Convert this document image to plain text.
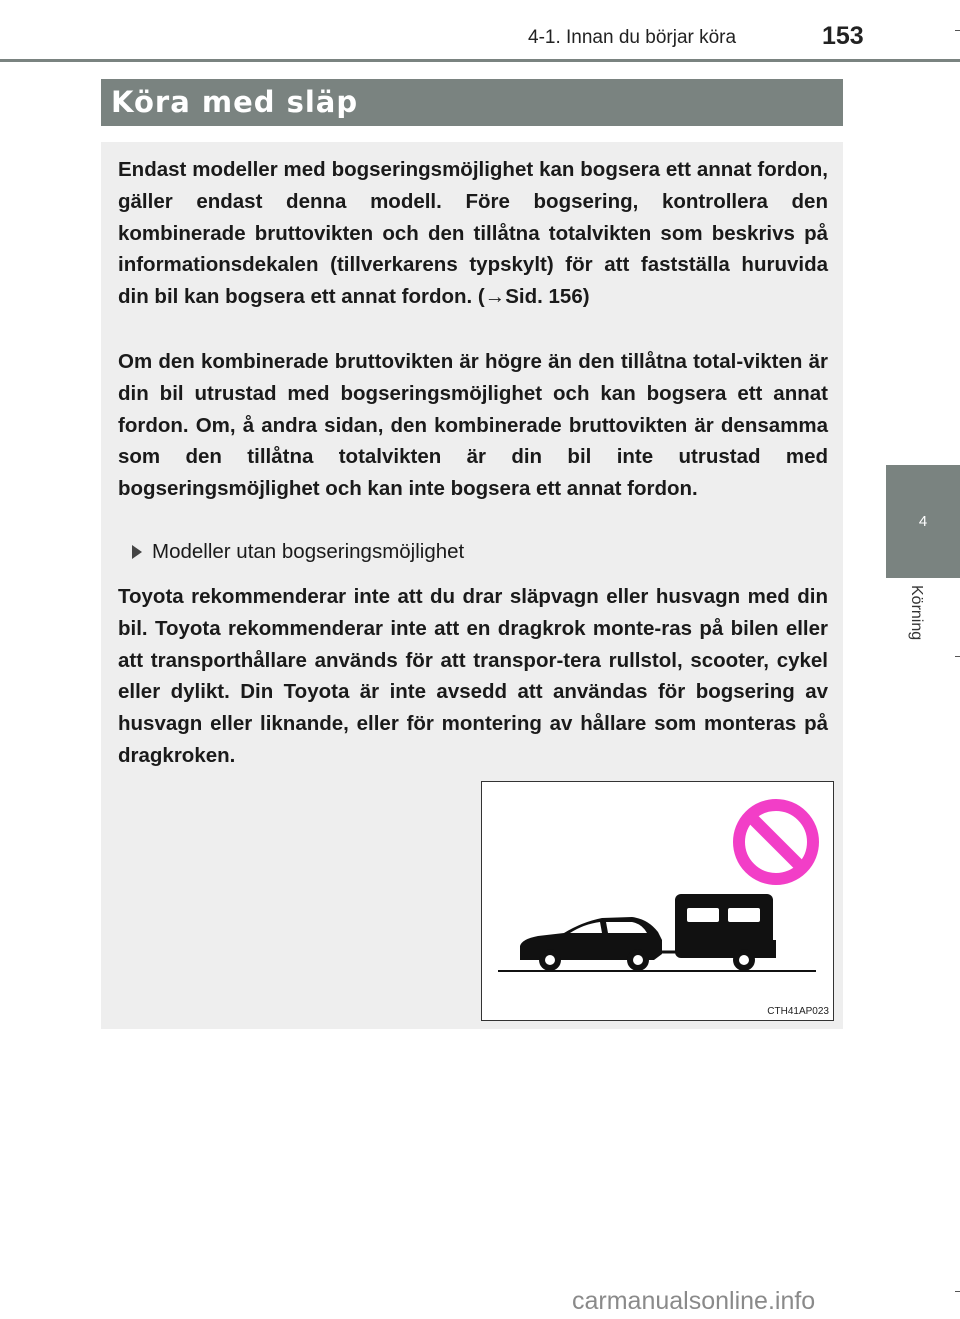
4-1. Innan du börjar köra	153
4
Körning
Köra med släp

Endast modeller med bogseringsmöjlighet kan bogsera ett annat fordon, gäller endast denna modell. Före bogsering, kontrollera den kombinerade bruttovikten och den tillåtna totalvikten som beskrivs på informationsdekalen (tillverkarens typskylt) för att fastställa huruvida din bil kan bogsera ett annat fordon. (→Sid. 156)

Om den kombinerade bruttovikten är högre än den tillåtna total-vikten är din bil utrustad med bogseringsmöjlighet och kan bogsera ett annat fordon. Om, å andra sidan, den kombinerade bruttovikten är densamma som den tillåtna totalvikten är din bil inte utrustad med bogseringsmöjlighet och kan inte bogsera ett annat fordon.

Modeller utan bogseringsmöjlighet

Toyota rekommenderar inte att du drar släpvagn eller husvagn med din bil. Toyota rekommenderar inte att en dragkrok monte-ras på bilen eller att transporthållare används för att transpor-tera rullstol, scooter, cykel eller dylikt. Din Toyota är inte avsedd att användas för bogsering av husvagn eller liknande, eller för montering av hållare som monteras på dragkroken.

CTH41AP023
carmanualsonline.info
